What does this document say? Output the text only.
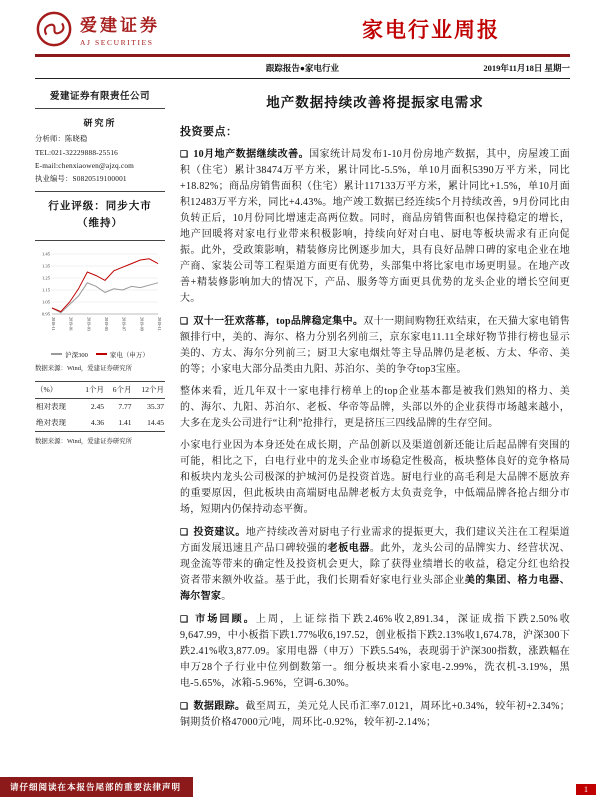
爱建证券
AJ SECURITIES
家电行业周报
跟踪报告●家电行业	2019年11月18日 星期一
爱建证券有限责任公司
研究所
分析师：陈晓稳
TEL:021-32229888-25516
E-mail:chenxiaowen@ajzq.com
执业编号：S0820519100001
行业评级：同步大市
（维持）
0.95
1.05
1.15
1.25
1.35
1.45
2018-11	2019-01	2019-03	2019-05	2019-07	2019-09	2019-11
沪深300	家电（申万）
数据来源：Wind，爱建证券研究所
（%）	1个月	6个月	12个月
相对表现	2.45	7.77	35.37
绝对表现	4.36	1.41	14.45
数据来源：Wind，爱建证券研究所
地产数据持续改善将提振家电需求
投资要点：
❑ 10月地产数据继续改善。国家统计局发布1-10月份房地产数据，其中，房屋竣工面积（住宅）累计38474万平方米，累计同比-5.5%，单10月面积5390万平方米，同比+18.82%；商品房销售面积（住宅）累计117133万平方米，累计同比+1.5%，单10月面积12483万平方米，同比+4.43%。地产竣工数据已经连续5个月持续改善，9月份同比由负转正后，10月份同比增速走高两位数。同时，商品房销售面积也保持稳定的增长，地产回暖将对家电行业带来积极影响，持续向好对白电、厨电等板块需求有正向促振。此外，受政策影响，精装修房比例逐步加大，具有良好品牌口碑的家电企业在地产商、家装公司等工程渠道方面更有优势，头部集中将比家电市场更明显。在地产改善+精装修影响加大的情况下，产品、服务等方面更具优势的龙头企业的增长空间更大。
❑ 双十一狂欢落幕，top品牌稳定集中。双十一期间购物狂欢结束，在天猫大家电销售额排行中，美的、海尔、格力分别名列前三，京东家电11.11全球好物节排行榜也显示美的、方太、海尔分列前三；厨卫大家电烟灶等主导品牌仍是老板、方太、华帝、美的等；小家电大部分品类由九阳、苏泊尔、美的争夺top3宝座。
整体来看，近几年双十一家电排行榜单上的top企业基本都是被我们熟知的格力、美的、海尔、九阳、苏泊尔、老板、华帝等品牌，头部以外的企业获得市场越来越小，大多在龙头公司进行“让利”抢排行，更是挤压三四线品牌的生存空间。
小家电行业因为本身还处在成长期，产品创新以及渠道创新还能让后起品牌有突围的可能，相比之下，白电行业中的龙头企业市场稳定性极高，板块整体良好的竞争格局和板块内龙头公司极深的护城河仍是投资首选。厨电行业的高毛利是大品牌不愿放弃的重要原因，但此板块由高端厨电品牌老板方太负责竞争，中低端品牌各抢占细分市场，短期内仍保持动态平衡。
❑ 投资建议。地产持续改善对厨电子行业需求的提振更大，我们建议关注在工程渠道方面发展迅速且产品口碑较强的老板电器。此外，龙头公司的品牌实力、经营状况、现金流等带来的确定性及投资机会更大，除了获得业绩增长的收益，稳定分红也给投资者带来额外收益。基于此，我们长期看好家电行业头部企业美的集团、格力电器、海尔智家。
❑ 市场回顾。上周，上证综指下跌2.46%收2,891.34，深证成指下跌2.50%收9,647.99，中小板指下跌1.77%收6,197.52，创业板指下跌2.13%收1,674.78，沪深300下跌2.41%收3,877.09。家用电器（申万）下跌5.54%，表现弱于沪深300指数，涨跌幅在申万28个子行业中位列倒数第一。细分板块来看小家电-2.99%，洗衣机-3.19%，黑电-5.65%，冰箱-5.96%，空调-6.30%。
❑ 数据跟踪。截至周五，美元兑人民币汇率7.0121，周环比+0.34%，较年初+2.34%；铜期货价格47000元/吨，周环比-0.92%，较年初-2.14%；
请仔细阅读在本报告尾部的重要法律声明	1
